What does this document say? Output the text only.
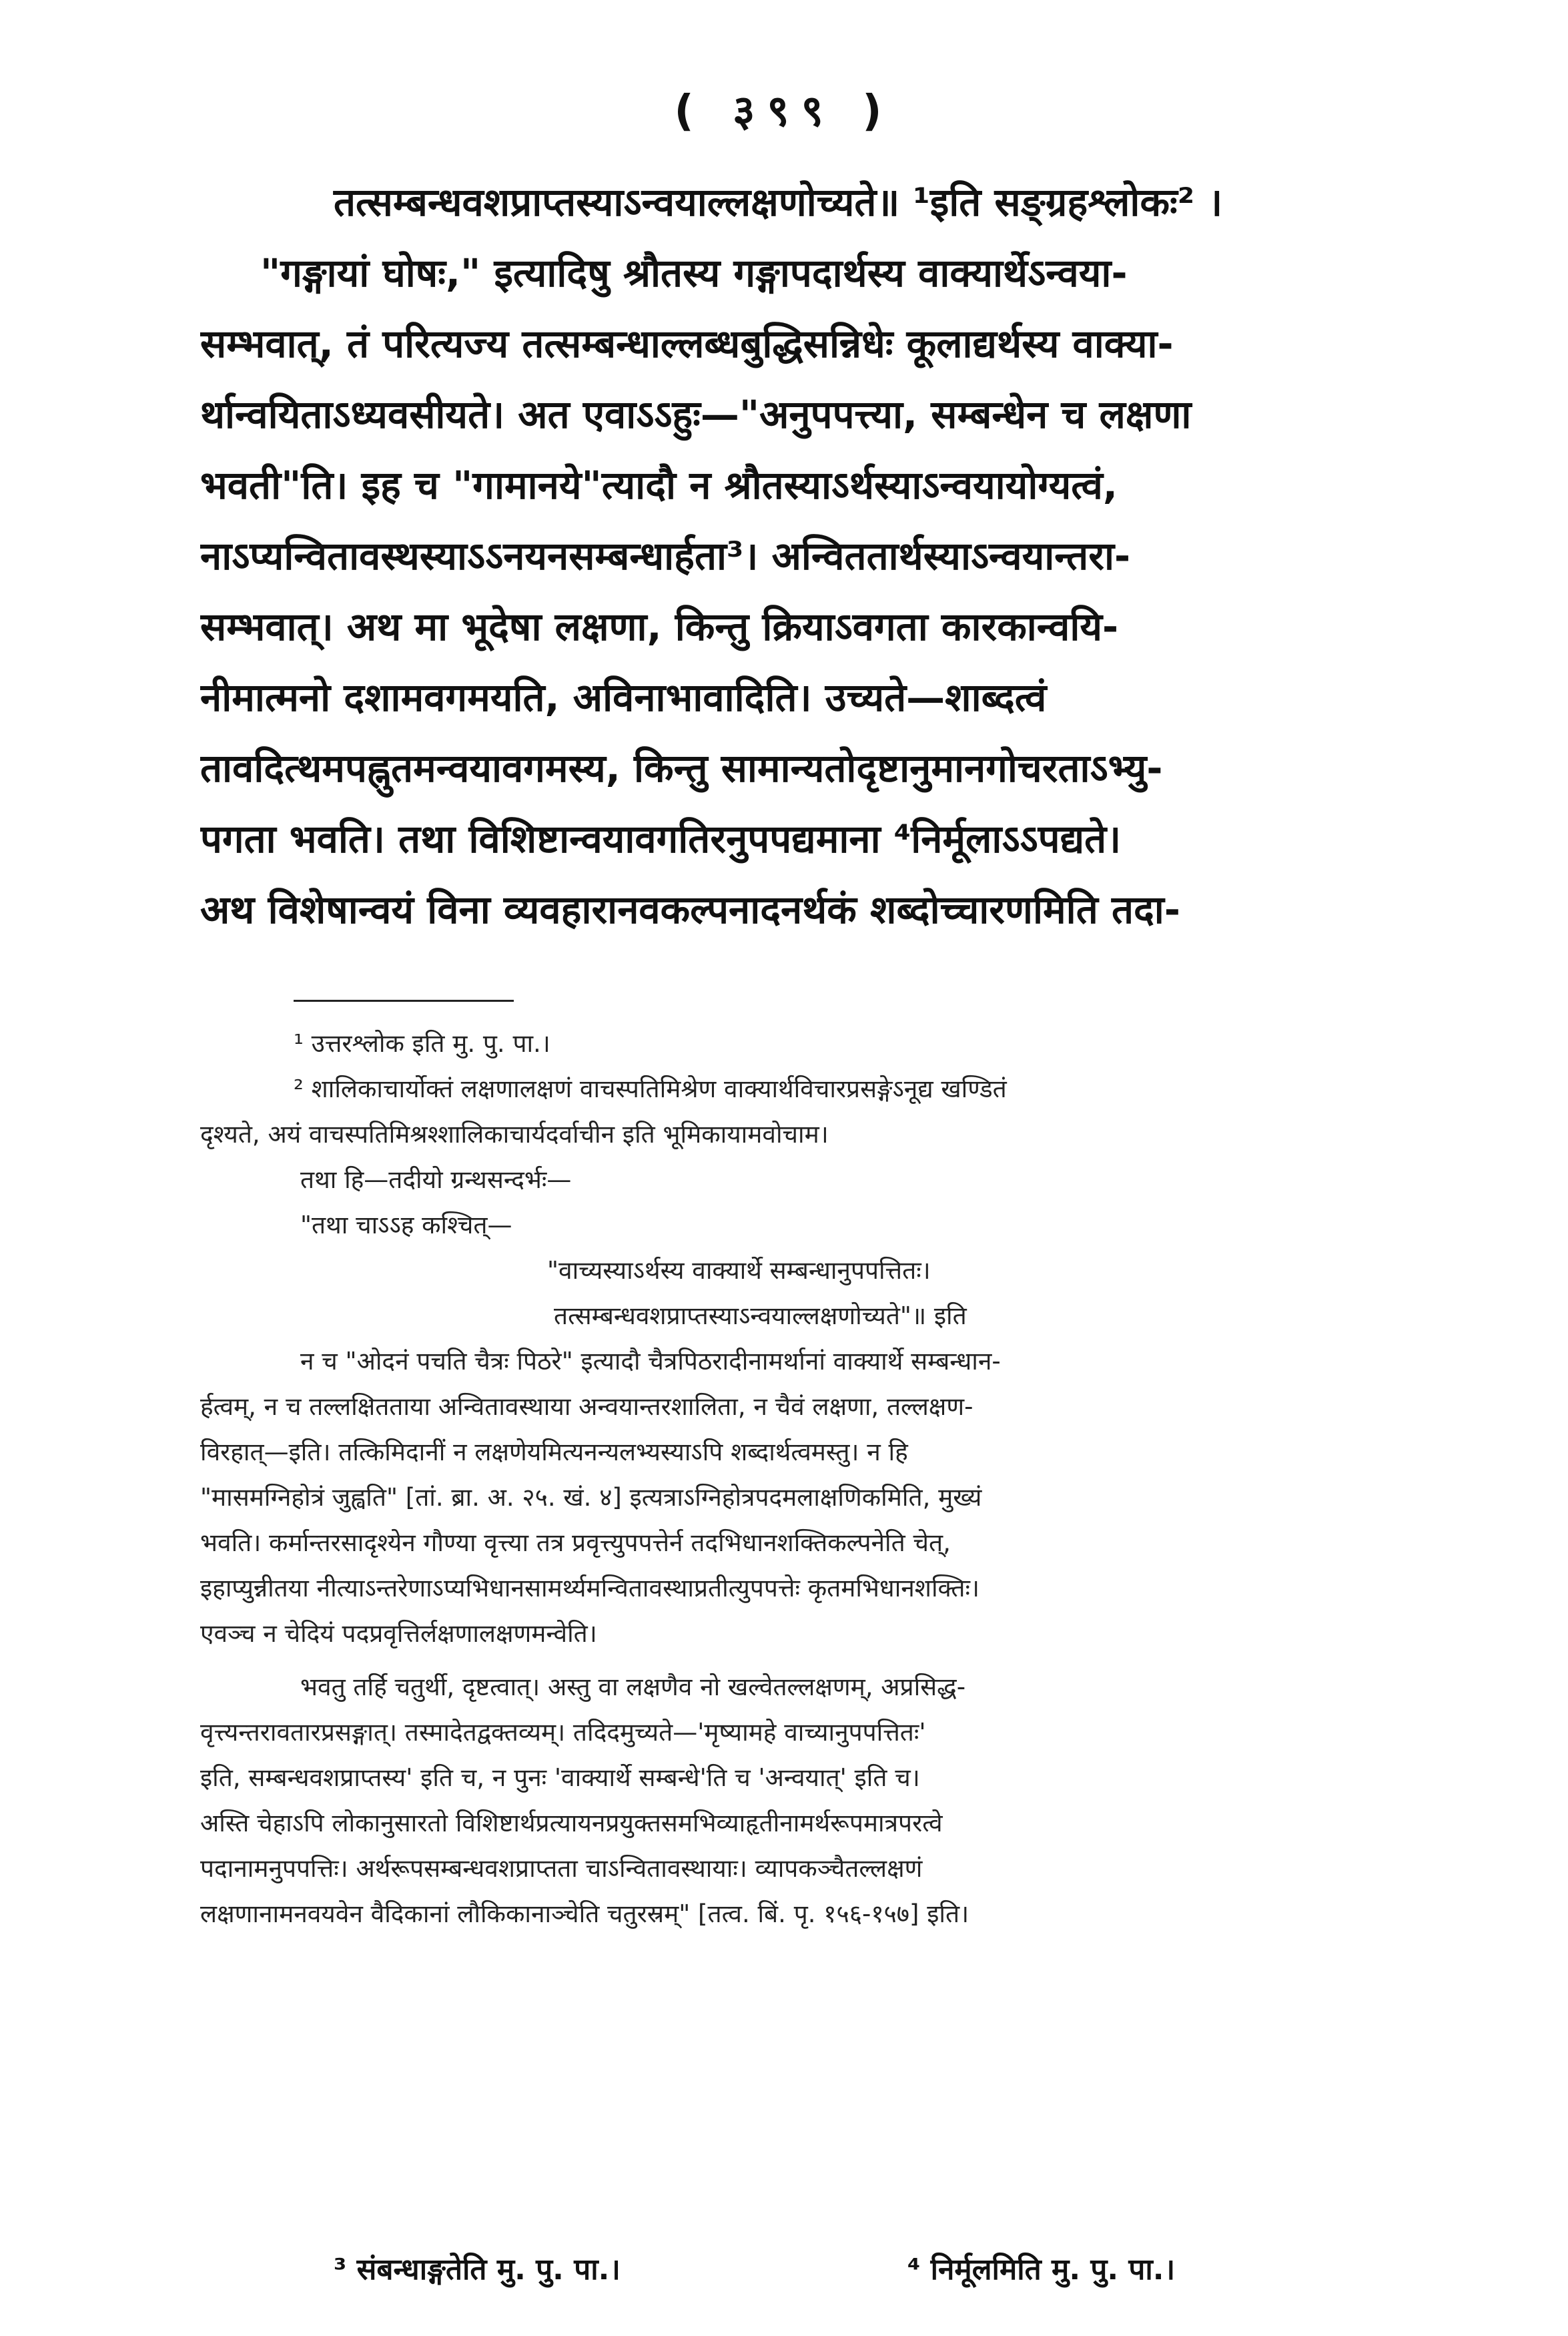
( ३९९ )
तत्सम्बन्धवशप्राप्तस्याऽन्वयाल्लक्षणोच्यते॥ ¹इति सङ्ग्रहश्लोकः² ।
"गङ्गायां घोषः," इत्यादिषु श्रौतस्य गङ्गापदार्थस्य वाक्यार्थेऽन्वया-
सम्भवात्, तं परित्यज्य तत्सम्बन्धाल्लब्धबुद्धिसन्निधेः कूलाद्यर्थस्य वाक्या-
र्थान्वयिताऽध्यवसीयते। अत एवाऽऽहुः—"अनुपपत्त्या, सम्बन्धेन च लक्षणा
भवती"ति। इह च "गामानये"त्यादौ न श्रौतस्याऽर्थस्याऽन्वयायोग्यत्वं,
नाऽप्यन्वितावस्थस्याऽऽनयनसम्बन्धार्हता³। अन्विततार्थस्याऽन्वयान्तरा-
सम्भवात्। अथ मा भूदेषा लक्षणा, किन्तु क्रियाऽवगता कारकान्वयि-
नीमात्मनो दशामवगमयति, अविनाभावादिति। उच्यते—शाब्दत्वं
तावदित्थमपह्नुतमन्वयावगमस्य, किन्तु सामान्यतोदृष्टानुमानगोचरताऽभ्यु-
पगता भवति। तथा विशिष्टान्वयावगतिरनुपपद्यमाना ⁴निर्मूलाऽऽपद्यते।
अथ विशेषान्वयं विना व्यवहारानवकल्पनादनर्थकं शब्दोच्चारणमिति तदा-
¹ उत्तरश्लोक इति मु. पु. पा.।
² शालिकाचार्योक्तं लक्षणालक्षणं वाचस्पतिमिश्रेण वाक्यार्थविचारप्रसङ्गेऽनूद्य खण्डितं
दृश्यते, अयं वाचस्पतिमिश्रश्शालिकाचार्यदर्वाचीन इति भूमिकायामवोचाम।
तथा हि—तदीयो ग्रन्थसन्दर्भः—
"तथा चाऽऽह कश्चित्—
"वाच्यस्याऽर्थस्य वाक्यार्थे सम्बन्धानुपपत्तितः।
तत्सम्बन्धवशप्राप्तस्याऽन्वयाल्लक्षणोच्यते"॥ इति
न च "ओदनं पचति चैत्रः पिठरे" इत्यादौ चैत्रपिठरादीनामर्थानां वाक्यार्थे सम्बन्धान-
र्हत्वम्, न च तल्लक्षितताया अन्वितावस्थाया अन्वयान्तरशालिता, न चैवं लक्षणा, तल्लक्षण-
विरहात्—इति। तत्किमिदानीं न लक्षणेयमित्यनन्यलभ्यस्याऽपि शब्दार्थत्वमस्तु। न हि
"मासमग्निहोत्रं जुह्वति" [तां. ब्रा. अ. २५. खं. ४] इत्यत्राऽग्निहोत्रपदमलाक्षणिकमिति, मुख्यं
भवति। कर्मान्तरसादृश्येन गौण्या वृत्त्या तत्र प्रवृत्त्युपपत्तेर्न तदभिधानशक्तिकल्पनेति चेत्,
इहाप्युन्नीतया नीत्याऽन्तरेणाऽप्यभिधानसामर्थ्यमन्वितावस्थाप्रतीत्युपपत्तेः कृतमभिधानशक्तिः।
एवञ्च न चेदियं पदप्रवृत्तिर्लक्षणालक्षणमन्वेति।
भवतु तर्हि चतुर्थी, दृष्टत्वात्। अस्तु वा लक्षणैव नो खल्वेतल्लक्षणम्, अप्रसिद्ध-
वृत्त्यन्तरावतारप्रसङ्गात्। तस्मादेतद्वक्तव्यम्। तदिदमुच्यते—'मृष्यामहे वाच्यानुपपत्तितः'
इति, सम्बन्धवशप्राप्तस्य' इति च, न पुनः 'वाक्यार्थे सम्बन्धे'ति च 'अन्वयात्' इति च।
अस्ति चेहाऽपि लोकानुसारतो विशिष्टार्थप्रत्यायनप्रयुक्तसमभिव्याहृतीनामर्थरूपमात्रपरत्वे
पदानामनुपपत्तिः। अर्थरूपसम्बन्धवशप्राप्तता चाऽन्वितावस्थायाः। व्यापकञ्चैतल्लक्षणं
लक्षणानामनवयवेन वैदिकानां लौकिकानाञ्चेति चतुरस्रम्" [तत्व. बिं. पृ. १५६-१५७] इति।
³ संबन्धाङ्गतेति मु. पु. पा.।	⁴ निर्मूलमिति मु. पु. पा.।
